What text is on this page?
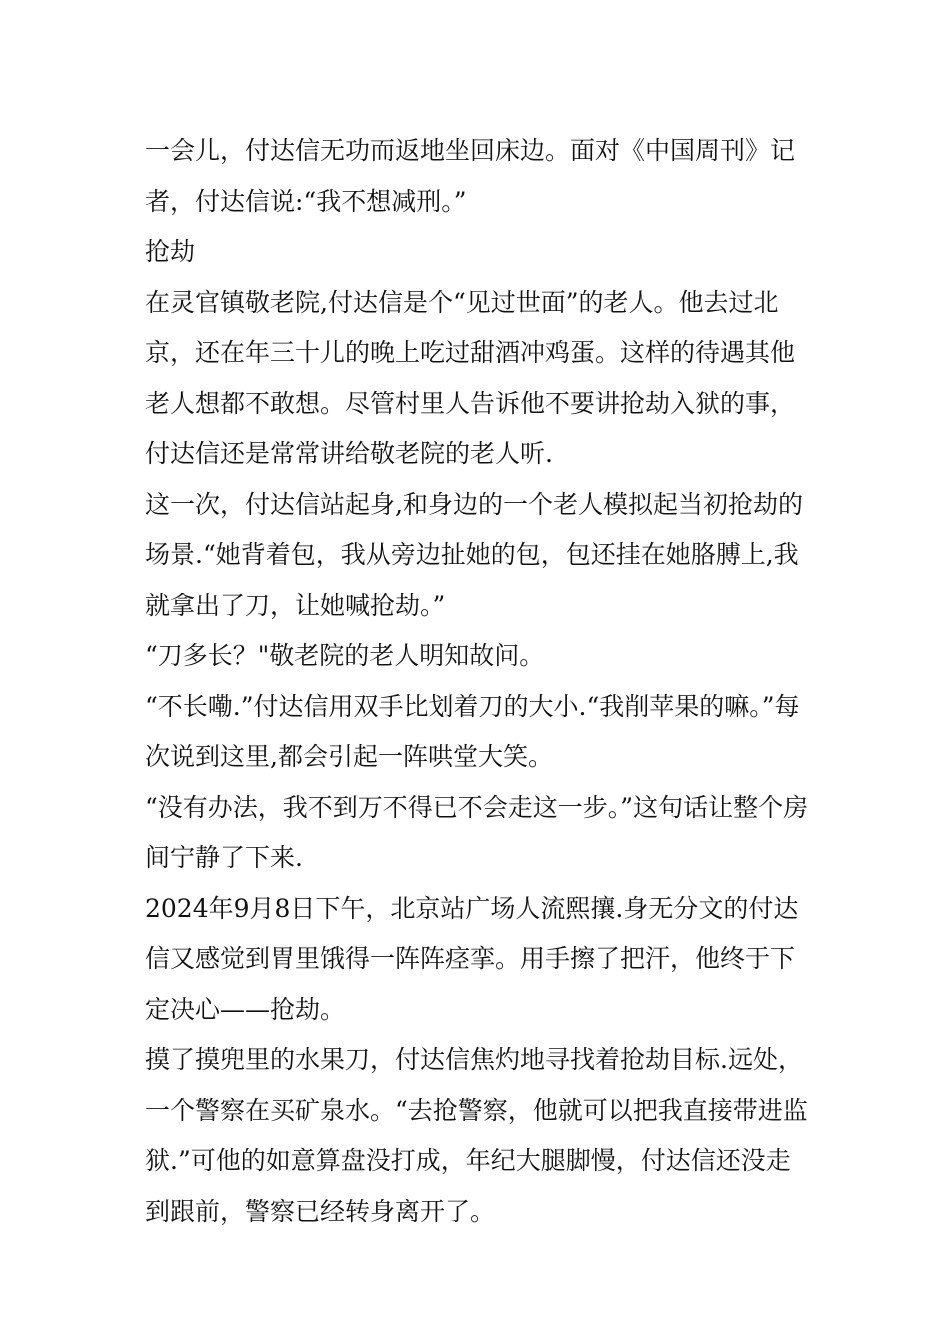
一会儿，付达信无功而返地坐回床边。面对《中国周刊》记者，付达信说:“我不想减刑。”

抢劫

在灵官镇敬老院,付达信是个“见过世面”的老人。他去过北京，还在年三十儿的晚上吃过甜酒冲鸡蛋。这样的待遇其他老人想都不敢想。尽管村里人告诉他不要讲抢劫入狱的事，付达信还是常常讲给敬老院的老人听.

这一次，付达信站起身,和身边的一个老人模拟起当初抢劫的场景.“她背着包，我从旁边扯她的包，包还挂在她胳膊上,我就拿出了刀，让她喊抢劫。”

“刀多长？"敬老院的老人明知故问。

“不长嘞.”付达信用双手比划着刀的大小.“我削苹果的嘛。”每次说到这里,都会引起一阵哄堂大笑。

“没有办法，我不到万不得已不会走这一步。”这句话让整个房间宁静了下来.

2024年9月8日下午，北京站广场人流熙攘.身无分文的付达信又感觉到胃里饿得一阵阵痉挛。用手擦了把汗，他终于下定决心——抢劫。

摸了摸兜里的水果刀，付达信焦灼地寻找着抢劫目标.远处，一个警察在买矿泉水。“去抢警察，他就可以把我直接带进监狱.”可他的如意算盘没打成，年纪大腿脚慢，付达信还没走到跟前，警察已经转身离开了。
